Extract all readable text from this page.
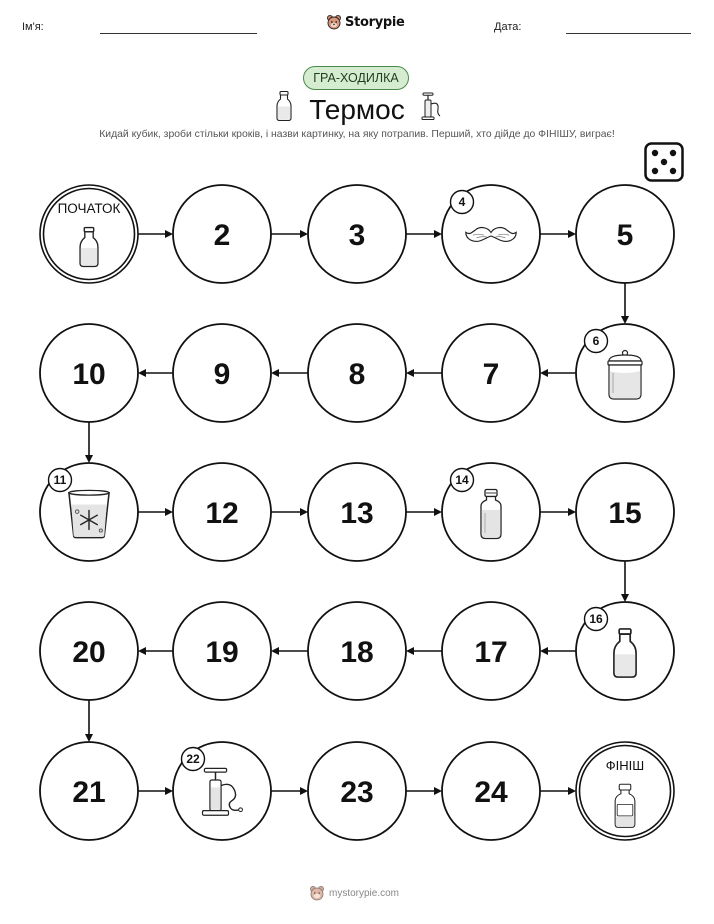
Ім'я:	Storypie	Дата:
ГРА-ХОДИЛКА
Термос
Кидай кубик, зроби стільки кроків, і назви картинку, на яку потрапив. Перший, хто дійде до ФІНІШУ, виграє!
ПОЧАТОК
2	3
4
5
6
7
8
9
10
11
12	13
14
15
16
17
18
19
20
21
22
23	24
ФІНІШ
mystorypie.com
